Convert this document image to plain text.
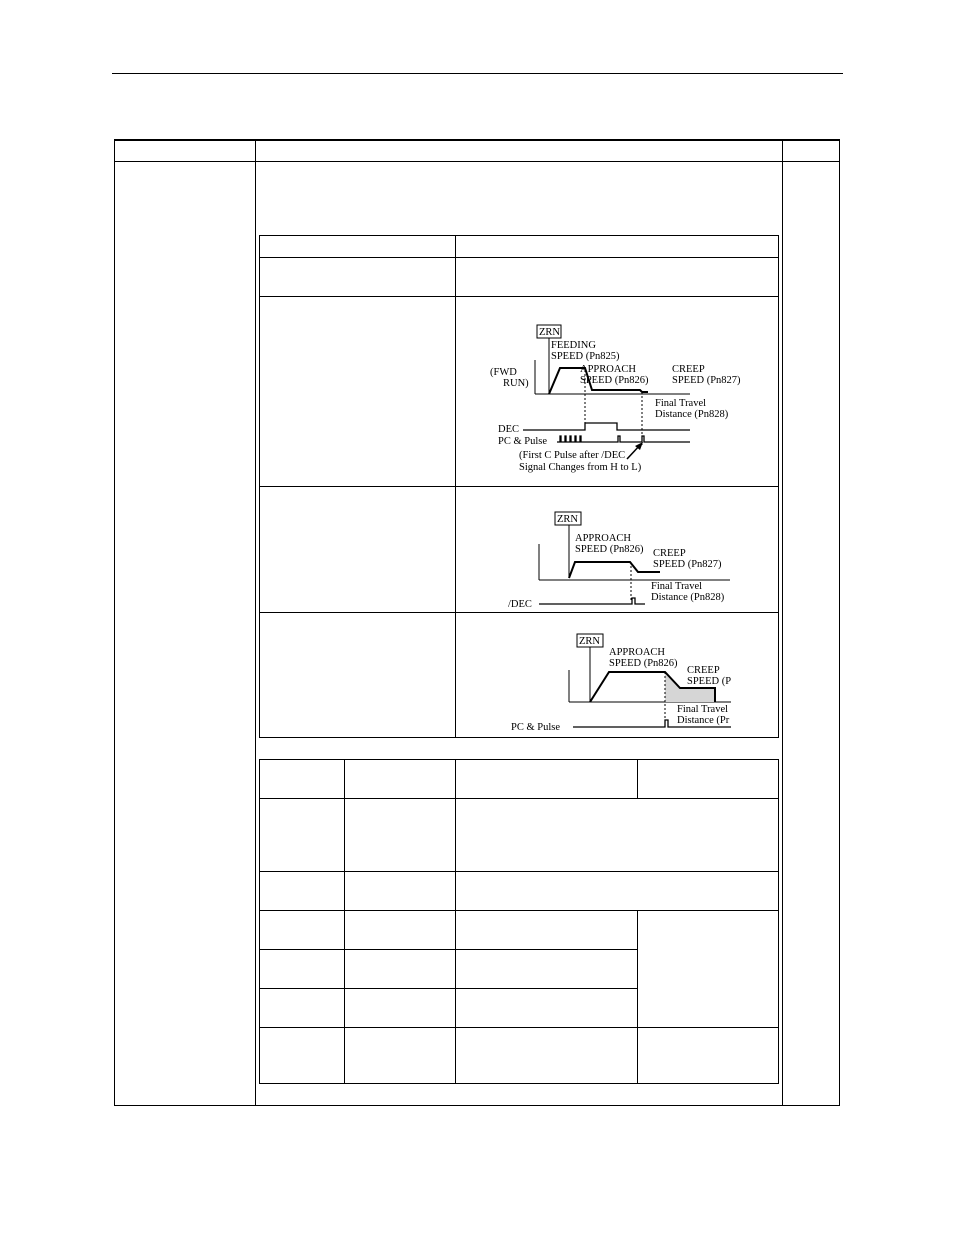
ZRN
FEEDING
SPEED (Pn825)
APPROACH
SPEED (Pn826)
CREEP
SPEED (Pn827)
(FWD
RUN)
Final Travel
Distance (Pn828)
DEC
PC & Pulse
(First C Pulse after /DEC
Signal Changes from H to L)
ZRN
APPROACH
SPEED (Pn826) CREEP
SPEED (Pn827)
Final Travel
Distance (Pn828)
/DEC
ZRN
APPROACH
SPEED (Pn826)
CREEP
SPEED (P
Final Travel
Distance (Pr
PC & Pulse
